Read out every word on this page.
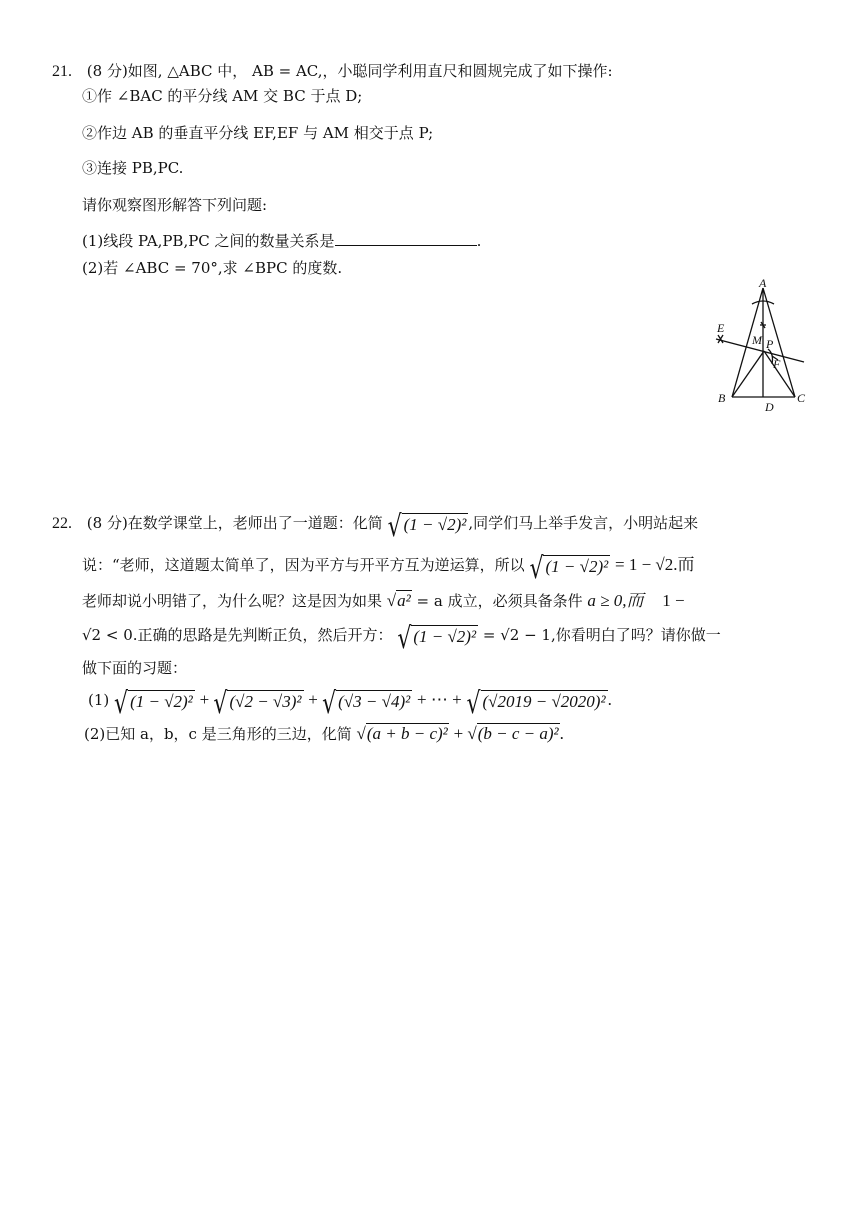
21. (8 分)如图, △ABC 中， AB = AC,，小聪同学利用直尺和圆规完成了如下操作:
①作 ∠BAC 的平分线 AM 交 BC 于点 D;
②作边 AB 的垂直平分线 EF,EF 与 AM 相交于点 P;
③连接 PB,PC.
请你观察图形解答下列问题:
(1)线段 PA,PB,PC 之间的数量关系是	.
(2)若 ∠ABC = 70°,求 ∠BPC 的度数.
A
B	C
D
E
F
M P
22. (8 分)在数学课堂上，老师出了一道题：化简 √ (1 − √2)² ,同学们马上举手发言，小明站起来
说：“老师，这道题太简单了，因为平方与开平方互为逆运算，所以 √ (1 − √2)² = 1 − √2.而
老师却说小明错了，为什么呢？这是因为如果 √a² = a 成立，必须具备条件 a ≥ 0,而 1 −
√2 < 0.正确的思路是先判断正负，然后开方： √ (1 − √2)² = √2 − 1,你看明白了吗？请你做一
做下面的习题：
(1) √ (1 − √2)² + √ (√2 − √3)² + √ (√3 − √4)² + ⋯ + √ (√2019 − √2020)² .
(2)已知 a，b，c 是三角形的三边，化简 √(a + b − c)² + √(b − c − a)².
